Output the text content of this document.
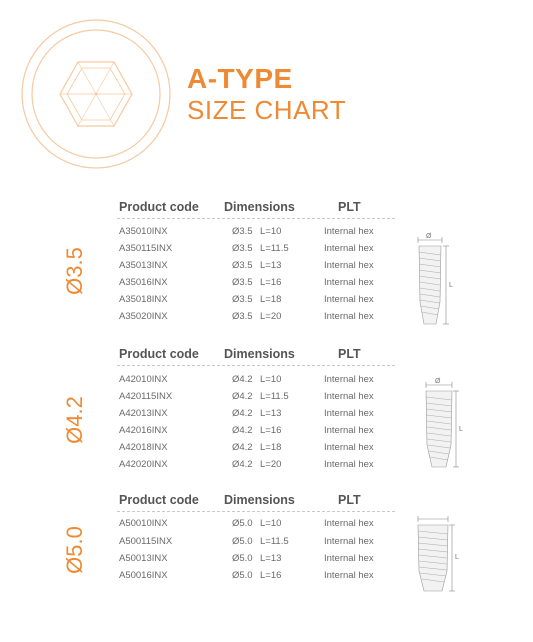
A-TYPE
SIZE CHART
Ø3.5
Product code Dimensions	PLT
A35010INX	Ø3.5 L=10	Internal hex
A350115INX	Ø3.5 L=11.5	Internal hex
A35013INX	Ø3.5 L=13	Internal hex
A35016INX	Ø3.5 L=16	Internal hex
A35018INX	Ø3.5 L=18	Internal hex
A35020INX	Ø3.5 L=20	Internal hex
Ø
L
Ø4.2
Product code Dimensions	PLT
A42010INX	Ø4.2 L=10	Internal hex
A420115INX	Ø4.2 L=11.5	Internal hex
A42013INX	Ø4.2 L=13	Internal hex
A42016INX	Ø4.2 L=16	Internal hex
A42018INX	Ø4.2 L=18	Internal hex
A42020INX	Ø4.2 L=20	Internal hex
Ø
L
Ø5.0
Product code Dimensions	PLT
A50010INX	Ø5.0 L=10	Internal hex
A500115INX	Ø5.0 L=11.5	Internal hex
A50013INX	Ø5.0 L=13	Internal hex
A50016INX	Ø5.0 L=16	Internal hex
L
